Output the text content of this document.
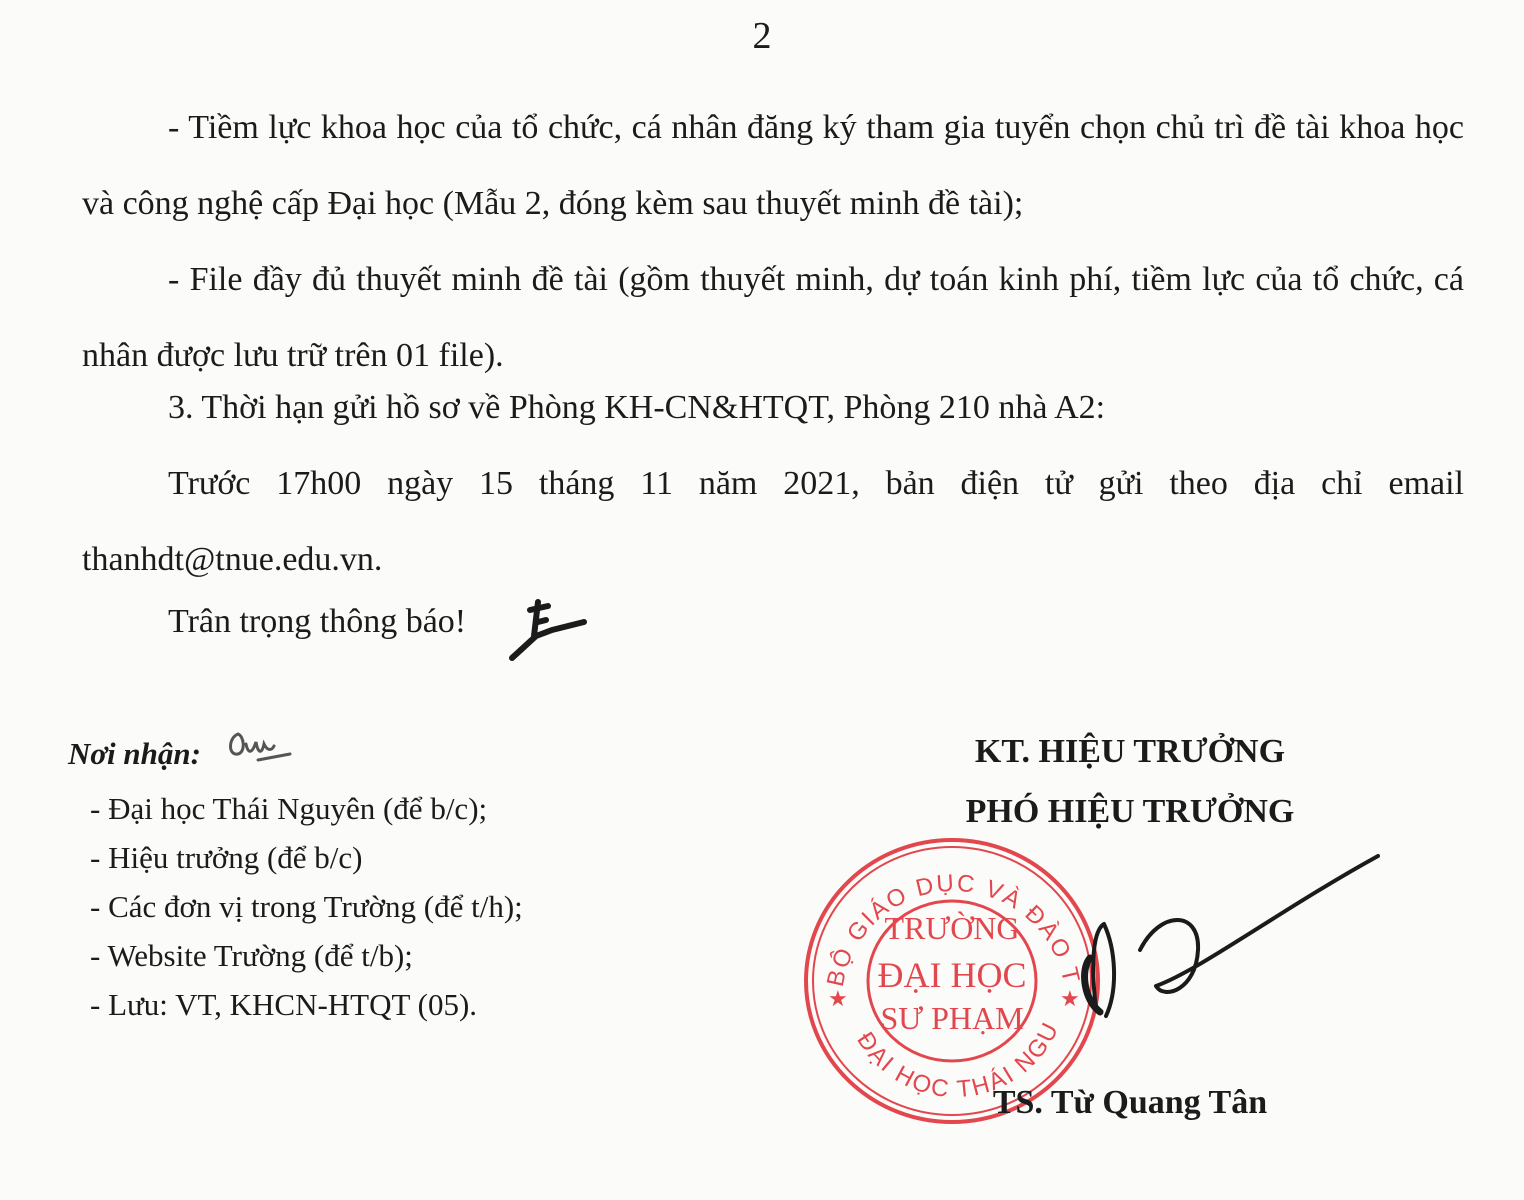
2

- Tiềm lực khoa học của tổ chức, cá nhân đăng ký tham gia tuyển chọn chủ trì đề tài khoa học và công nghệ cấp Đại học (Mẫu 2, đóng kèm sau thuyết minh đề tài);

- File đầy đủ thuyết minh đề tài (gồm thuyết minh, dự toán kinh phí, tiềm lực của tổ chức, cá nhân được lưu trữ trên 01 file).

3. Thời hạn gửi hồ sơ về Phòng KH-CN&HTQT, Phòng 210 nhà A2:

Trước 17h00 ngày 15 tháng 11 năm 2021, bản điện tử gửi theo địa chỉ email thanhdt@tnue.edu.vn.

Trân trọng thông báo!

Nơi nhận:
- Đại học Thái Nguyên (để b/c);
- Hiệu trưởng (để b/c)
- Các đơn vị trong Trường (để t/h);
- Website Trường (để t/b);
- Lưu: VT, KHCN-HTQT (05).
KT. HIỆU TRƯỞNG
PHÓ HIỆU TRƯỞNG
BỘ GIÁO DỤC VÀ ĐÀO T
ĐẠI HỌC THÁI NGU
★	★
TRƯỜNG
ĐẠI HỌC
SƯ PHẠM
TS. Từ Quang Tân
